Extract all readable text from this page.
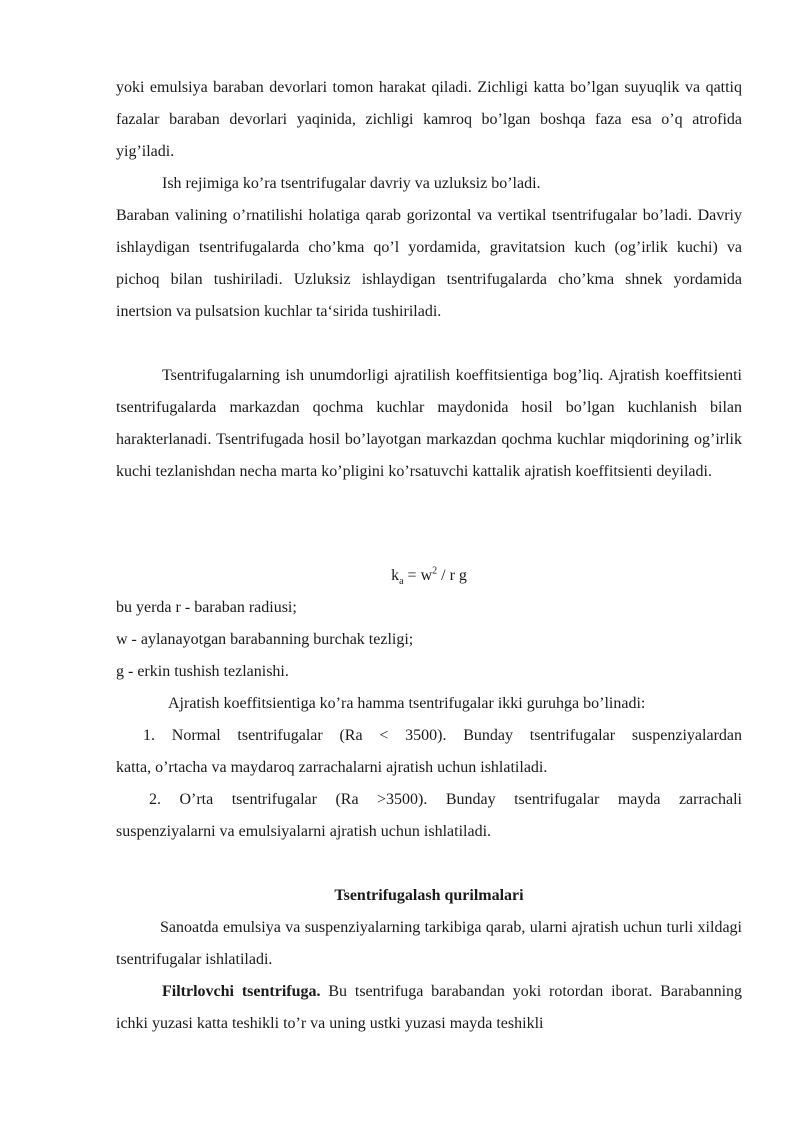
yoki emulsiya baraban devorlari tomon harakat qiladi. Zichligi katta bo’lgan suyuqlik va qattiq fazalar baraban devorlari yaqinida, zichligi kamroq bo’lgan boshqa faza esa o’q atrofida yig’iladi.

Ish rejimiga ko’ra tsentrifugalar davriy va uzluksiz bo’ladi.

Baraban valining o’rnatilishi holatiga qarab gorizontal va vertikal tsentrifugalar bo’ladi. Davriy ishlaydigan tsentrifugalarda cho’kma qo’l yordamida, gravitatsion kuch (og’irlik kuchi) va pichoq bilan tushiriladi. Uzluksiz ishlaydigan tsentrifugalarda cho’kma shnek yordamida inertsion va pulsatsion kuchlar ta‘sirida tushiriladi.

Tsentrifugalarning ish unumdorligi ajratilish koeffitsientiga bog’liq. Ajratish koeffitsienti tsentrifugalarda markazdan qochma kuchlar maydonida hosil bo’lgan kuchlanish bilan harakterlanadi. Tsentrifugada hosil bo’layotgan markazdan qochma kuchlar miqdorining og’irlik kuchi tezlanishdan necha marta ko’pligini ko’rsatuvchi kattalik ajratish koeffitsienti deyiladi.

$k_a = w^2 / r$ g

bu yerda r - baraban radiusi;

w - aylanayotgan barabanning burchak tezligi;

g - erkin tushish tezlanishi.

Ajratish koeffitsientiga ko’ra hamma tsentrifugalar ikki guruhga bo’linadi:

1. Normal tsentrifugalar (Ra < 3500). Bunday tsentrifugalar suspenziyalardan

katta, o’rtacha va maydaroq zarrachalarni ajratish uchun ishlatiladi.

2. O’rta tsentrifugalar (Ra >3500). Bunday tsentrifugalar mayda zarrachali

suspenziyalarni va emulsiyalarni ajratish uchun ishlatiladi.

Tsentrifugalash qurilmalari

Sanoatda emulsiya va suspenziyalarning tarkibiga qarab, ularni ajratish uchun turli xildagi tsentrifugalar ishlatiladi.

Filtrlovchi tsentrifuga. Bu tsentrifuga barabandan yoki rotordan iborat. Barabanning ichki yuzasi katta teshikli to’r va uning ustki yuzasi mayda teshikli
